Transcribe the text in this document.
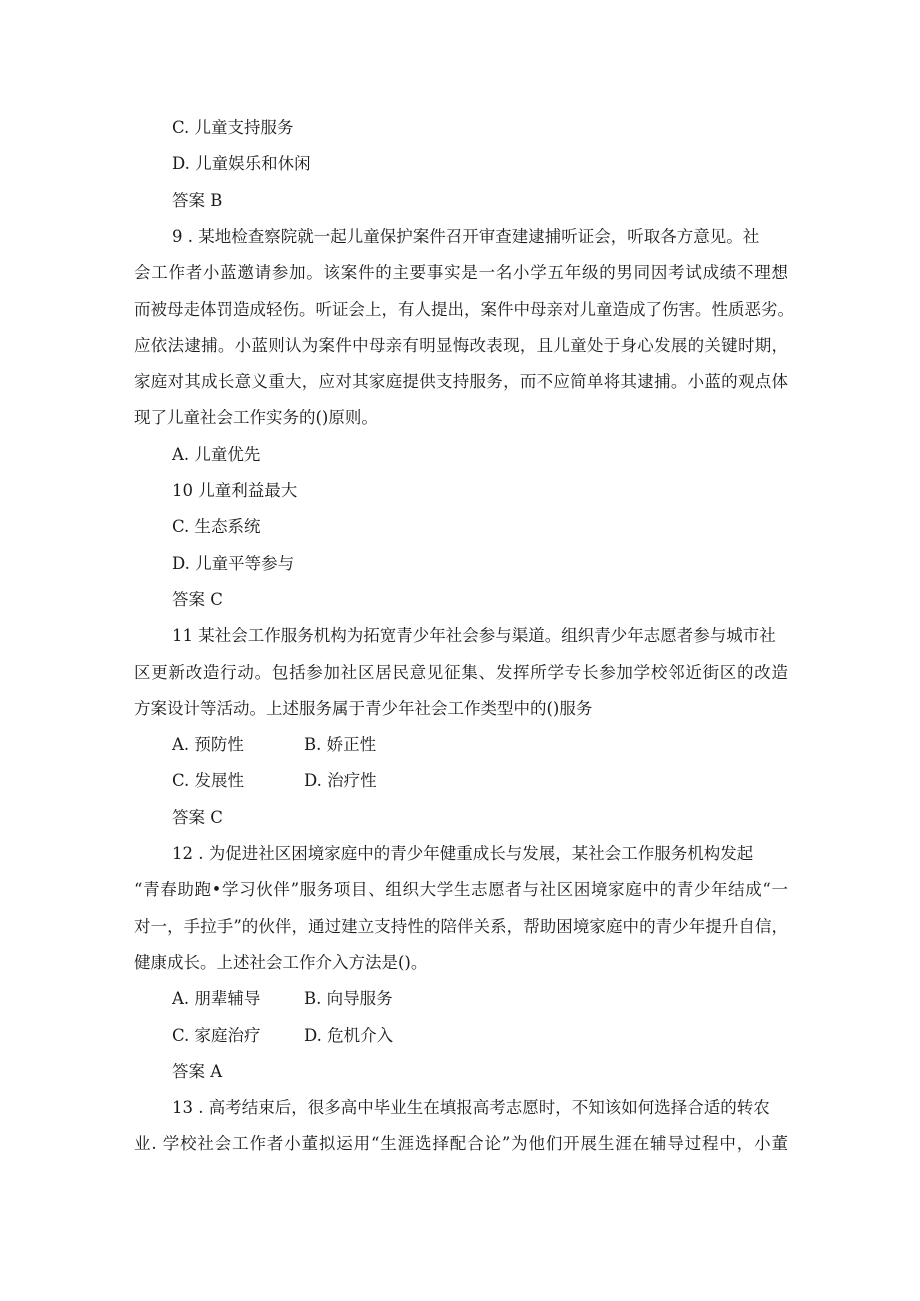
C. 儿童支持服务
D. 儿童娱乐和休闲
答案 B
9 . 某地检查察院就一起儿童保护案件召开审查建逮捕听证会，听取各方意见。社
会工作者小蓝邀请参加。该案件的主要事实是一名小学五年级的男同因考试成绩不理想
而被母走体罚造成轻伤。听证会上，有人提出，案件中母亲对儿童造成了伤害。性质恶劣。
应依法逮捕。小蓝则认为案件中母亲有明显悔改表现，且儿童处于身心发展的关键时期，
家庭对其成长意义重大，应对其家庭提供支持服务，而不应简单将其逮捕。小蓝的观点体
现了儿童社会工作实务的()原则。
A. 儿童优先
10 儿童利益最大
C. 生态系统
D. 儿童平等参与
答案 C
11 某社会工作服务机构为拓宽青少年社会参与渠道。组织青少年志愿者参与城市社
区更新改造行动。包括参加社区居民意见征集、发挥所学专长参加学校邻近街区的改造
方案设计等活动。上述服务属于青少年社会工作类型中的()服务
A. 预防性	B. 娇正性
C. 发展性	D. 治疗性
答案 C
12 . 为促进社区困境家庭中的青少年健重成长与发展，某社会工作服务机构发起
“青春助跑•学习伙伴”服务项目、组织大学生志愿者与社区困境家庭中的青少年结成“一
对一，手拉手”的伙伴，通过建立支持性的陪伴关系，帮助困境家庭中的青少年提升自信，
健康成长。上述社会工作介入方法是()。
A. 朋辈辅导	B. 向导服务
C. 家庭治疗	D. 危机介入
答案 A
13 . 高考结束后，很多高中毕业生在填报高考志愿时，不知该如何选择合适的转农
业. 学校社会工作者小董拟运用“生涯选择配合论”为他们开展生涯在辅导过程中，小董
